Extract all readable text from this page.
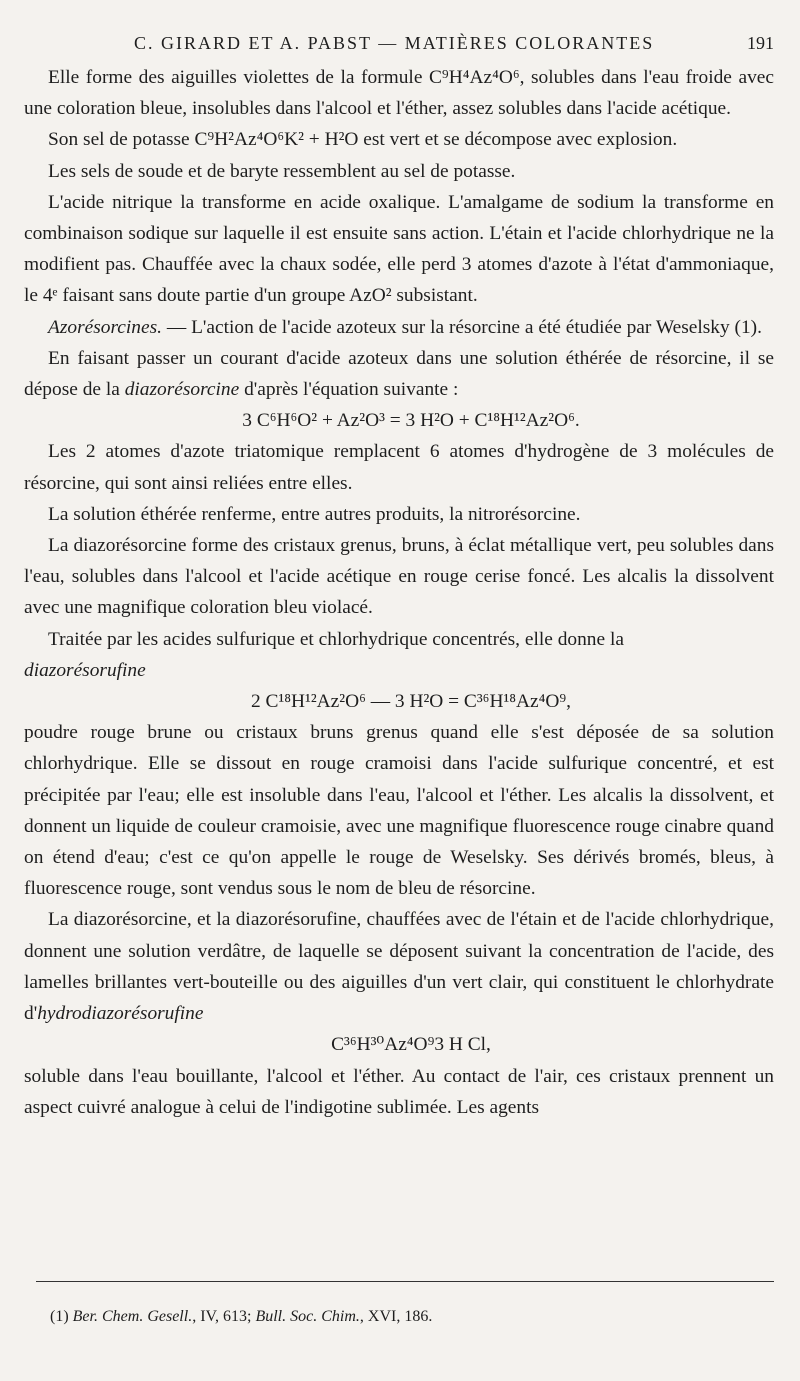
C. GIRARD ET A. PABST — MATIÈRES COLORANTES	191

Elle forme des aiguilles violettes de la formule C⁹H⁴Az⁴O⁶, solubles dans l'eau froide avec une coloration bleue, insolubles dans l'alcool et l'éther, assez solubles dans l'acide acétique.

Son sel de potasse C⁹H²Az⁴O⁶K² + H²O est vert et se décompose avec explosion.

Les sels de soude et de baryte ressemblent au sel de potasse.

L'acide nitrique la transforme en acide oxalique. L'amalgame de sodium la transforme en combinaison sodique sur laquelle il est ensuite sans action. L'étain et l'acide chlorhydrique ne la modifient pas. Chauffée avec la chaux sodée, elle perd 3 atomes d'azote à l'état d'ammoniaque, le 4ᵉ faisant sans doute partie d'un groupe AzO² subsistant.

Azorésorcines. — L'action de l'acide azoteux sur la résorcine a été étudiée par Weselsky (1).

En faisant passer un courant d'acide azoteux dans une solution éthérée de résorcine, il se dépose de la diazorésorcine d'après l'équation suivante :

3 C⁶H⁶O² + Az²O³ = 3 H²O + C¹⁸H¹²Az²O⁶.

Les 2 atomes d'azote triatomique remplacent 6 atomes d'hydrogène de 3 molécules de résorcine, qui sont ainsi reliées entre elles.

La solution éthérée renferme, entre autres produits, la nitrorésorcine.

La diazorésorcine forme des cristaux grenus, bruns, à éclat métallique vert, peu solubles dans l'eau, solubles dans l'alcool et l'acide acétique en rouge cerise foncé. Les alcalis la dissolvent avec une magnifique coloration bleu violacé.

Traitée par les acides sulfurique et chlorhydrique concentrés, elle donne la

diazorésorufine

2 C¹⁸H¹²Az²O⁶ — 3 H²O = C³⁶H¹⁸Az⁴O⁹,

poudre rouge brune ou cristaux bruns grenus quand elle s'est déposée de sa solution chlorhydrique. Elle se dissout en rouge cramoisi dans l'acide sulfurique concentré, et est précipitée par l'eau; elle est insoluble dans l'eau, l'alcool et l'éther. Les alcalis la dissolvent, et donnent un liquide de couleur cramoisie, avec une magnifique fluorescence rouge cinabre quand on étend d'eau; c'est ce qu'on appelle le rouge de Weselsky. Ses dérivés bromés, bleus, à fluorescence rouge, sont vendus sous le nom de bleu de résorcine.

La diazorésorcine, et la diazorésorufine, chauffées avec de l'étain et de l'acide chlorhydrique, donnent une solution verdâtre, de laquelle se déposent suivant la concentration de l'acide, des lamelles brillantes vert-bouteille ou des aiguilles d'un vert clair, qui constituent le chlorhydrate d'hydrodiazorésorufine

C³⁶H³⁰Az⁴O⁹3 H Cl,

soluble dans l'eau bouillante, l'alcool et l'éther. Au contact de l'air, ces cristaux prennent un aspect cuivré analogue à celui de l'indigotine sublimée. Les agents

(1) Ber. Chem. Gesell., IV, 613; Bull. Soc. Chim., XVI, 186.
